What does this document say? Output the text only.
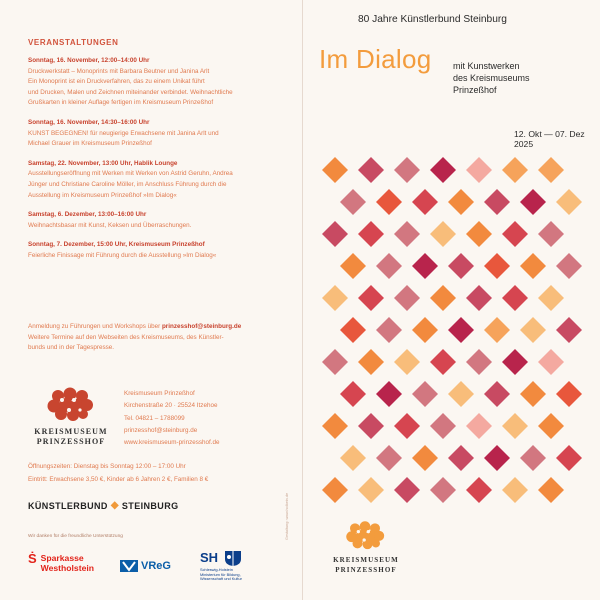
VERANSTALTUNGEN
Sonntag, 16. November, 12:00–14:00 Uhr
Druckwerkstatt – Monoprints mit Barbara Beutner und Janina Arlt
Ein Monoprint ist ein Druckverfahren, das zu einem Unikat führt
und Drucken, Malen und Zeichnen miteinander verbindet. Weihnachtliche
Grußkarten in kleiner Auflage fertigen im Kreismuseum Prinzeßhof
Sonntag, 16. November, 14:30–16:00 Uhr
KUNST BEGEGNEN! für neugierige Erwachsene mit Janina Arlt und
Michael Grauer im Kreismuseum Prinzeßhof
Samstag, 22. November, 13:00 Uhr, Hablik Lounge
Ausstellungseröffnung mit Werken mit Werken von Astrid Geruhn, Andrea
Jünger und Christiane Caroline Möller, im Anschluss Führung durch die
Ausstellung im Kreismuseum Prinzeßhof »Im Dialog«
Samstag, 6. Dezember, 13:00–16:00 Uhr
Weihnachtsbasar mit Kunst, Keksen und Überraschungen.
Sonntag, 7. Dezember, 15:00 Uhr, Kreismuseum Prinzeßhof
Feierliche Finissage mit Führung durch die Ausstellung »Im Dialog«
Anmeldung zu Führungen und Workshops über prinzesshof@steinburg.de
Weitere Termine auf den Webseiten des Kreismuseums, des Künstler-
bunds und in der Tagespresse.
KREISMUSEUM
PRINZESSHOF
Kreismuseum Prinzeßhof
Kirchenstraße 20 · 25524 Itzehoe
Tel. 04821 – 1788099
prinzesshof@steinburg.de
www.kreismuseum-prinzesshof.de
Öffnungszeiten: Dienstag bis Sonntag 12:00 – 17:00 Uhr
Eintritt: Erwachsene 3,50 €, Kinder ab 6 Jahren 2 €, Familien 8 €
KÜNSTLERBUND ◆ STEINBURG
Wir danken für die freundliche Unterstützung
Ṡ Sparkasse
Westholstein	VReG
SH
Schleswig-Holstein
Ministerium für Bildung,
Wissenschaft und Kultur
Gestaltung: www.holbein.de
80 Jahre Künstlerbund Steinburg
Im Dialog mit Kunstwerken
des Kreismuseums
Prinzeßhof
12. Okt — 07. Dez 2025
KREISMUSEUM
PRINZESSHOF
